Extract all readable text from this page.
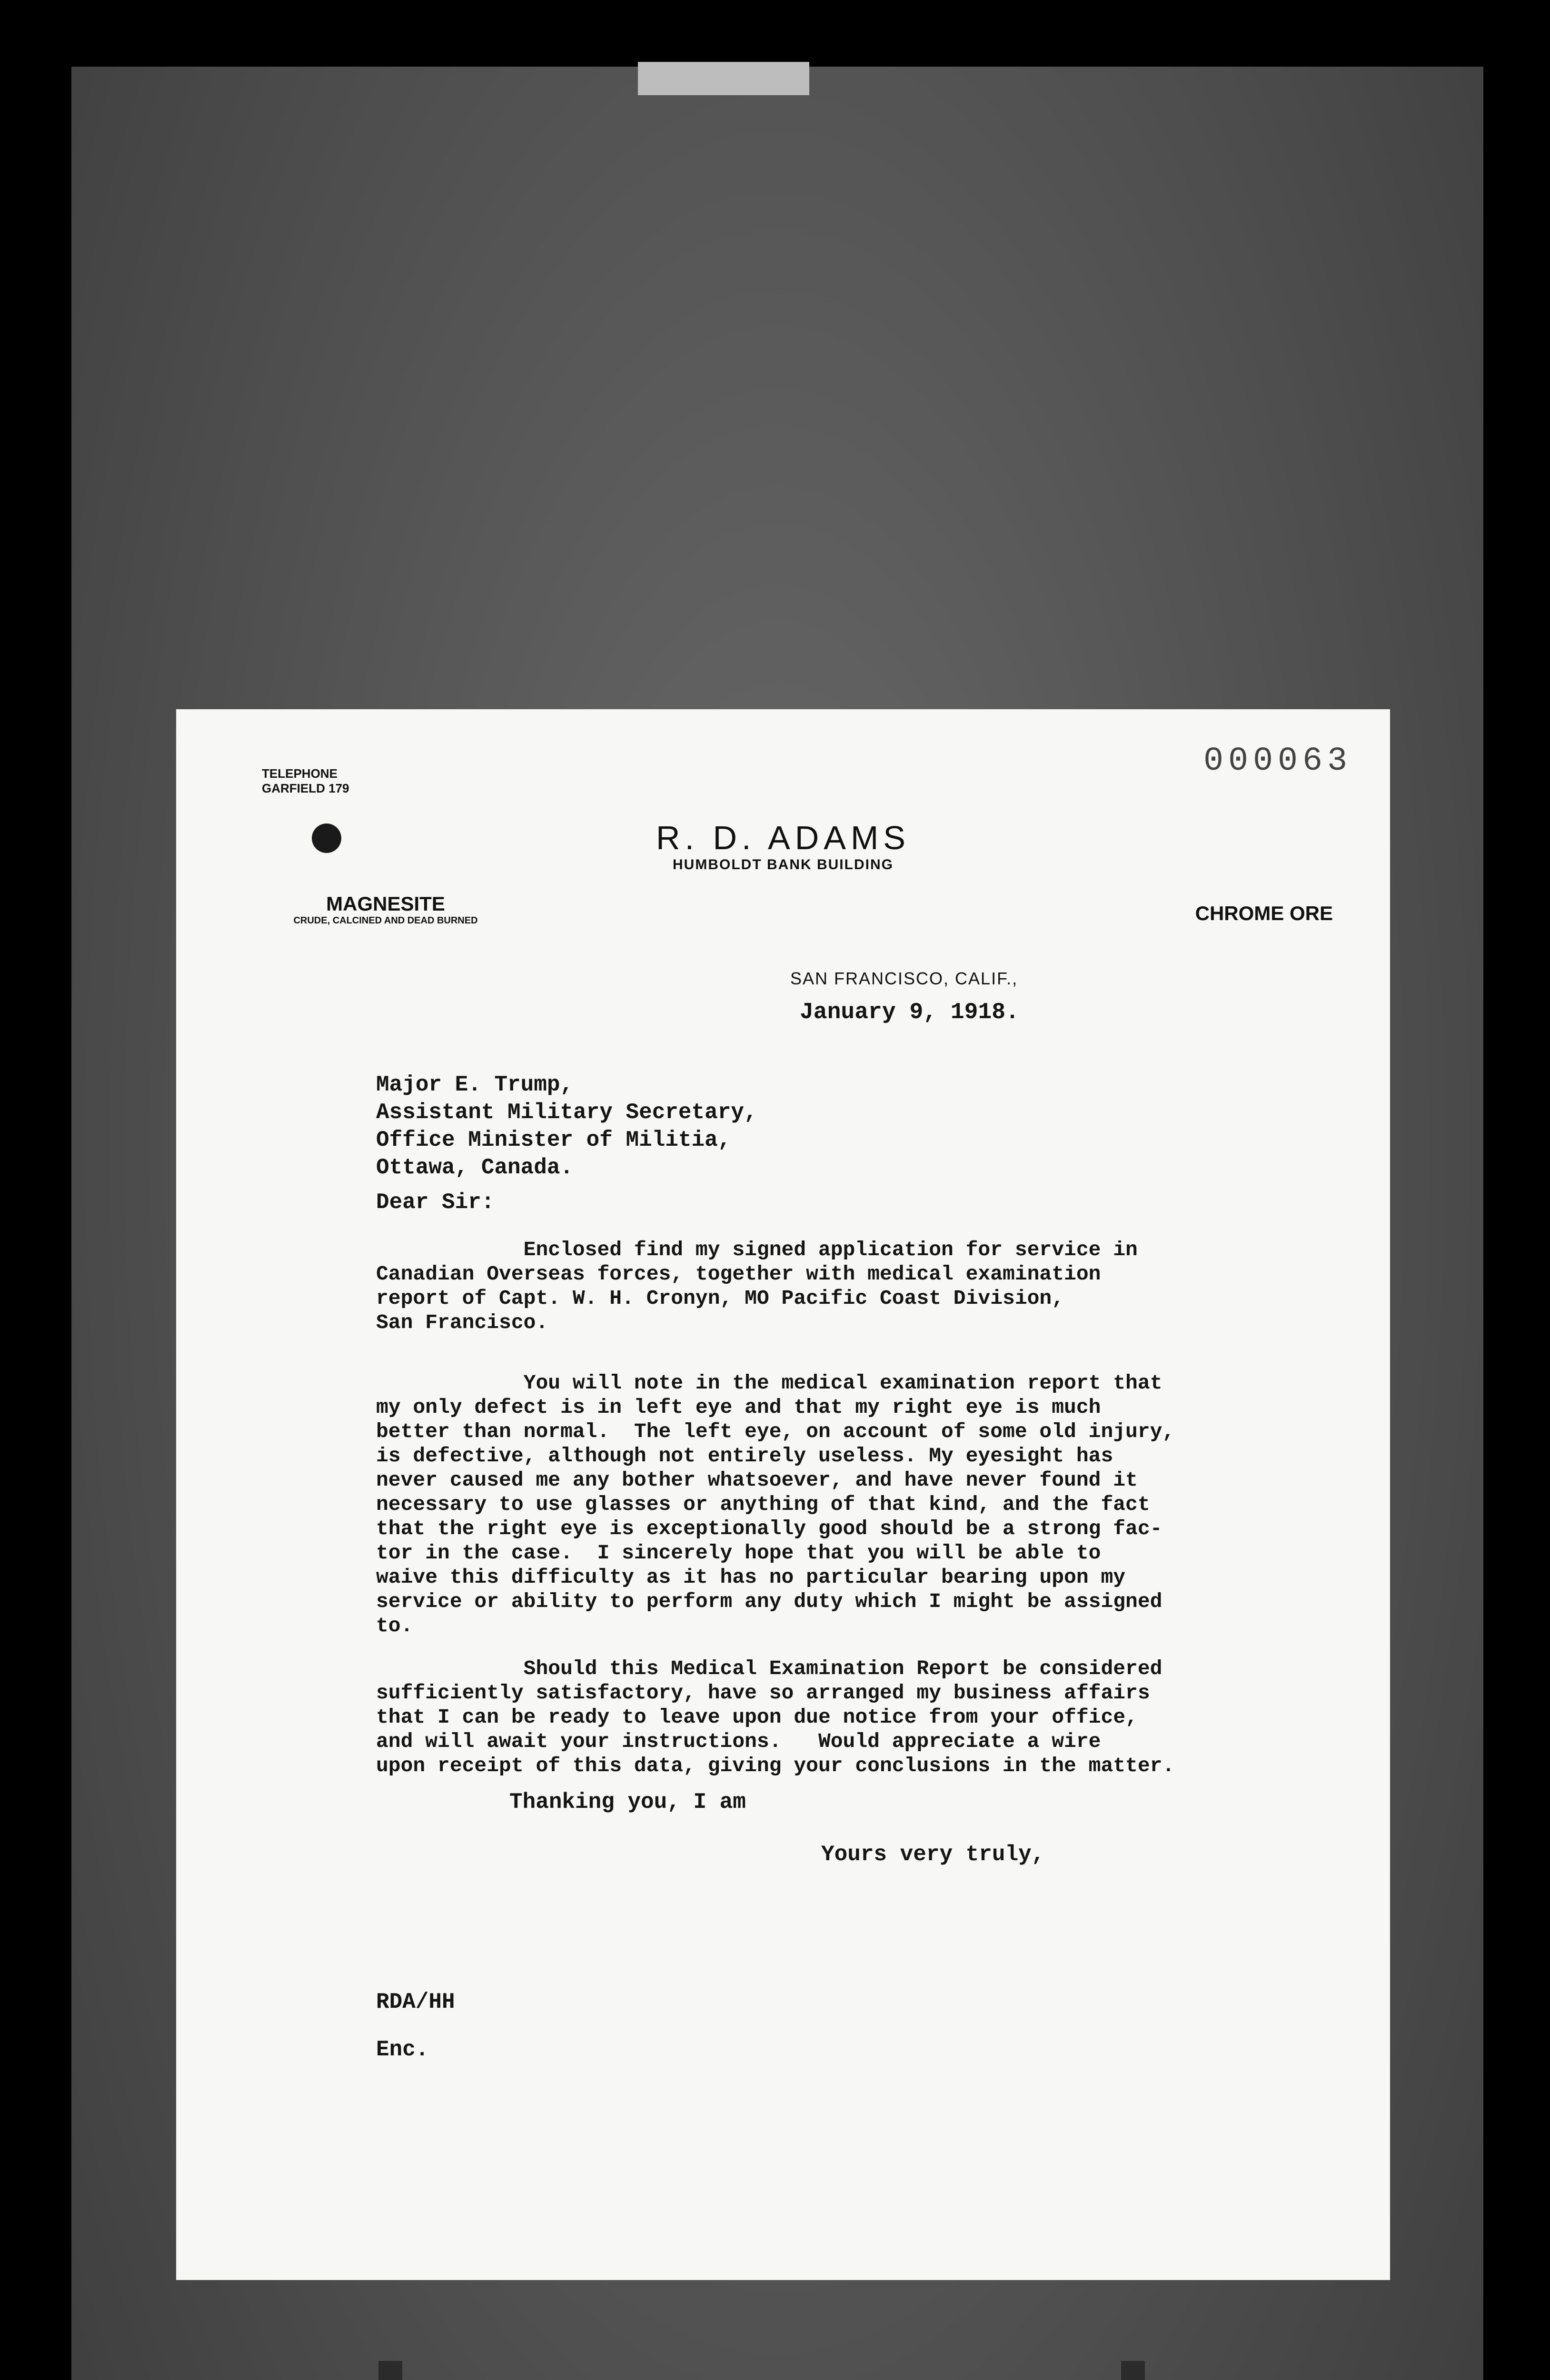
000063
TELEPHONE
GARFIELD 179
R. D. ADAMS
HUMBOLDT BANK BUILDING
MAGNESITE
CRUDE, CALCINED AND DEAD BURNED	CHROME ORE
SAN FRANCISCO, CALIF.,
January 9, 1918.
Major E. Trump,
Assistant Military Secretary,
Office Minister of Militia,
Ottawa, Canada.
Dear Sir:
Enclosed find my signed application for service in
Canadian Overseas forces, together with medical examination
report of Capt. W. H. Cronyn, MO Pacific Coast Division,
San Francisco.
You will note in the medical examination report that
my only defect is in left eye and that my right eye is much
better than normal.  The left eye, on account of some old injury,
is defective, although not entirely useless. My eyesight has
never caused me any bother whatsoever, and have never found it
necessary to use glasses or anything of that kind, and the fact
that the right eye is exceptionally good should be a strong fac-
tor in the case.  I sincerely hope that you will be able to
waive this difficulty as it has no particular bearing upon my
service or ability to perform any duty which I might be assigned
to.
Should this Medical Examination Report be considered
sufficiently satisfactory, have so arranged my business affairs
that I can be ready to leave upon due notice from your office,
and will await your instructions.   Would appreciate a wire
upon receipt of this data, giving your conclusions in the matter.
Thanking you, I am
Yours very truly,
RDA/HH
Enc.
